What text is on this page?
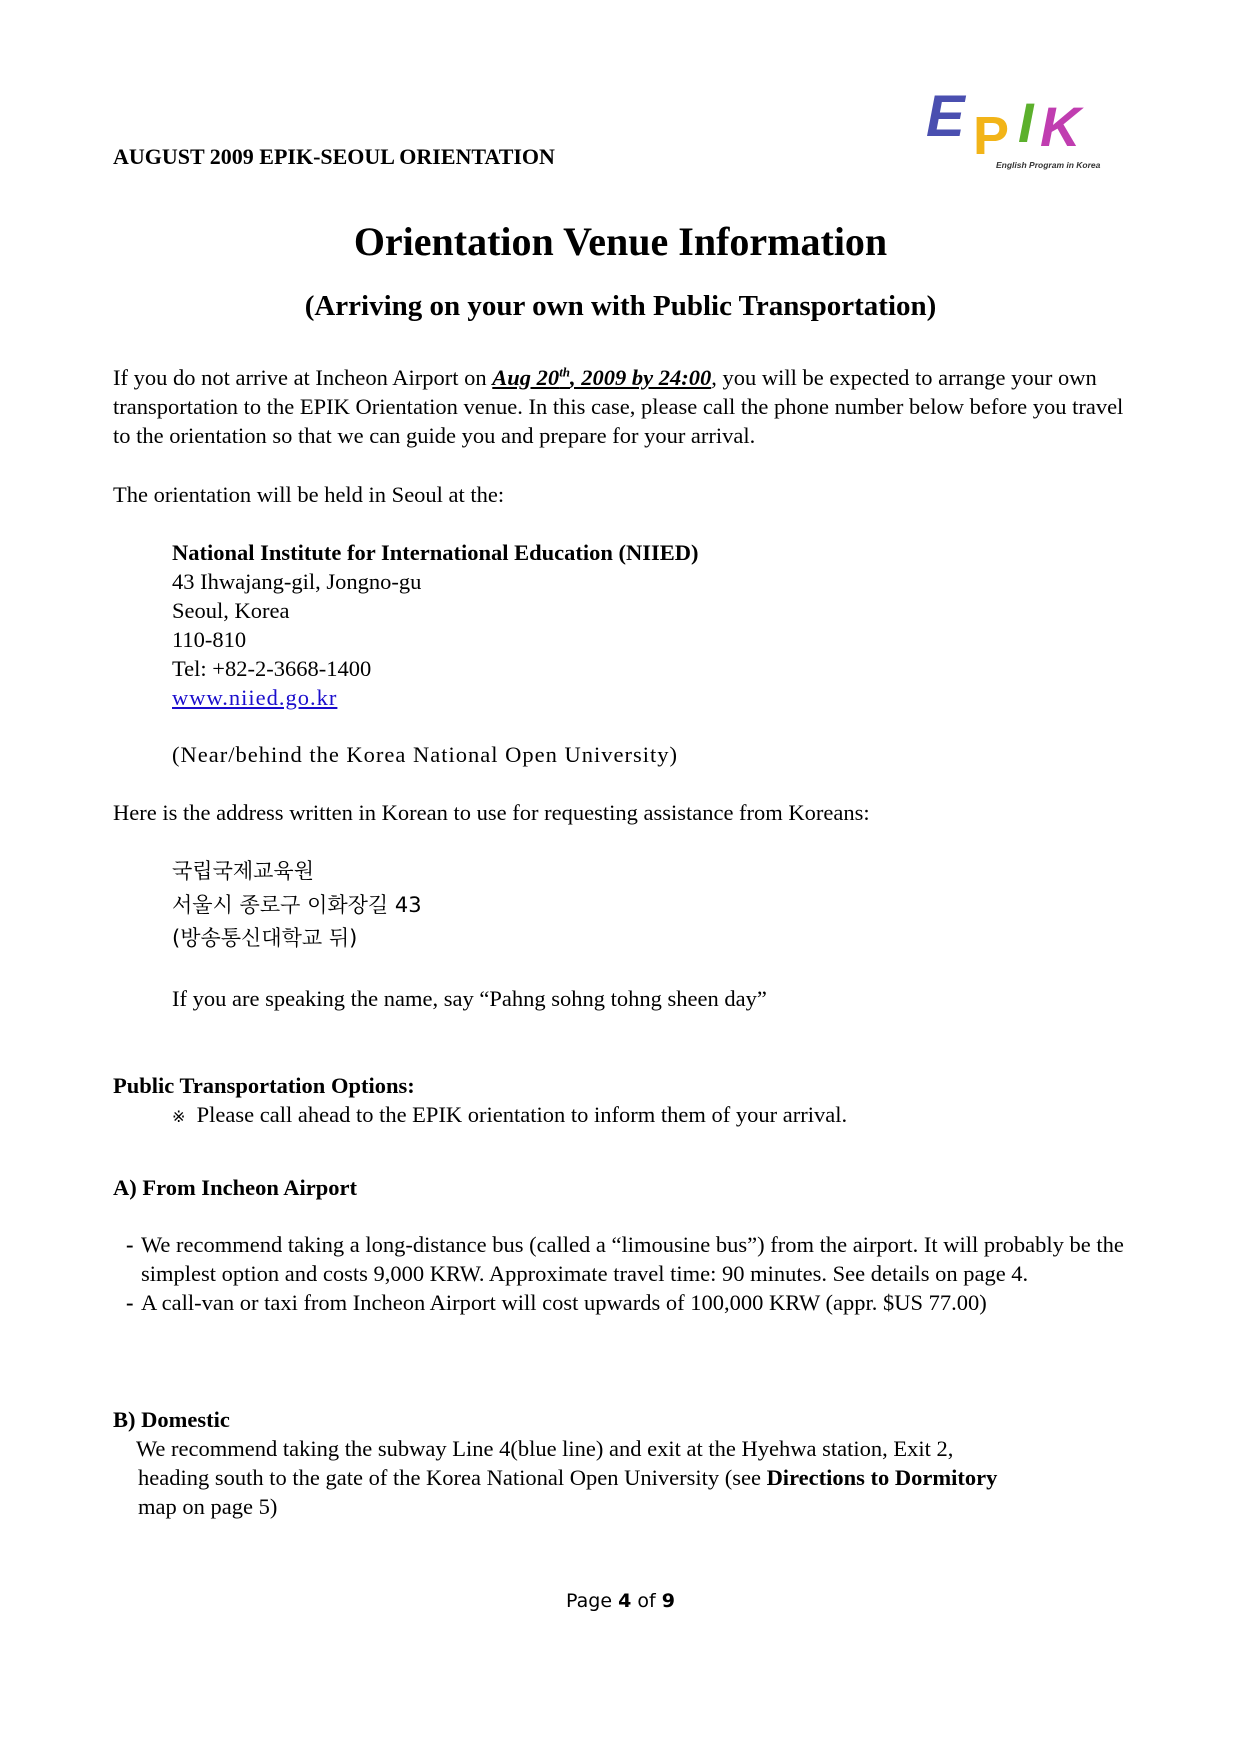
AUGUST 2009 EPIK-SEOUL ORIENTATION
E P I K
English Program in Korea
Orientation Venue Information
(Arriving on your own with Public Transportation)
If you do not arrive at Incheon Airport on Aug 20th, 2009 by 24:00, you will be expected to arrange your own transportation to the EPIK Orientation venue. In this case, please call the phone number below before you travel to the orientation so that we can guide you and prepare for your arrival.
The orientation will be held in Seoul at the:
National Institute for International Education (NIIED)
43 Ihwajang-gil, Jongno-gu
Seoul, Korea
110-810
Tel: +82-2-3668-1400
www.niied.go.kr
(Near/behind the Korea National Open University)
Here is the address written in Korean to use for requesting assistance from Koreans:
국립국제교육원
서울시 종로구 이화장길 43
(방송통신대학교 뒤)
If you are speaking the name, say “Pahng sohng tohng sheen day”
Public Transportation Options:
※ Please call ahead to the EPIK orientation to inform them of your arrival.
A) From Incheon Airport
- We recommend taking a long-distance bus (called a “limousine bus”) from the airport. It will probably be the simplest option and costs 9,000 KRW. Approximate travel time: 90 minutes. See details on page 4.
- A call-van or taxi from Incheon Airport will cost upwards of 100,000 KRW (appr. $US 77.00)
B) Domestic
We recommend taking the subway Line 4(blue line) and exit at the Hyehwa station, Exit 2,
heading south to the gate of the Korea National Open University (see Directions to Dormitory
map on page 5)
Page 4 of 9
